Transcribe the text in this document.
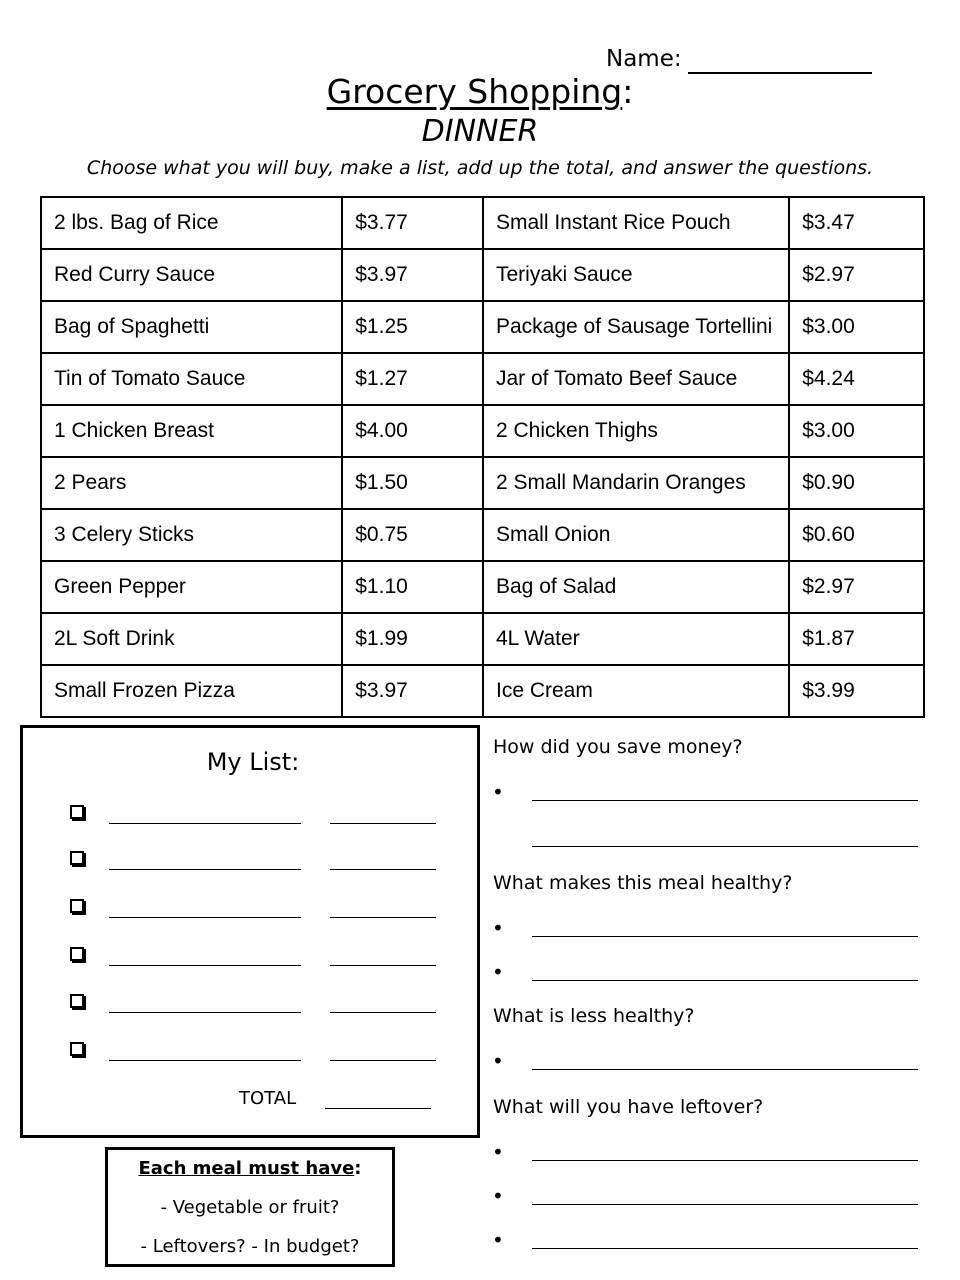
Name:
Grocery Shopping:
DINNER
Choose what you will buy, make a list, add up the total, and answer the questions.
2 lbs. Bag of Rice	$3.77	Small Instant Rice Pouch	$3.47
Red Curry Sauce	$3.97	Teriyaki Sauce	$2.97
Bag of Spaghetti	$1.25	Package of Sausage Tortellini	$3.00
Tin of Tomato Sauce	$1.27	Jar of Tomato Beef Sauce	$4.24
1 Chicken Breast	$4.00	2 Chicken Thighs	$3.00
2 Pears	$1.50	2 Small Mandarin Oranges	$0.90
3 Celery Sticks	$0.75	Small Onion	$0.60
Green Pepper	$1.10	Bag of Salad	$2.97
2L Soft Drink	$1.99	4L Water	$1.87
Small Frozen Pizza	$3.97	Ice Cream	$3.99
My List:
TOTAL
Each meal must have:
- Vegetable or fruit?
- Leftovers? - In budget?
How did you save money?
•
What makes this meal healthy?
•
•
What is less healthy?
•
What will you have leftover?
•
•
•
